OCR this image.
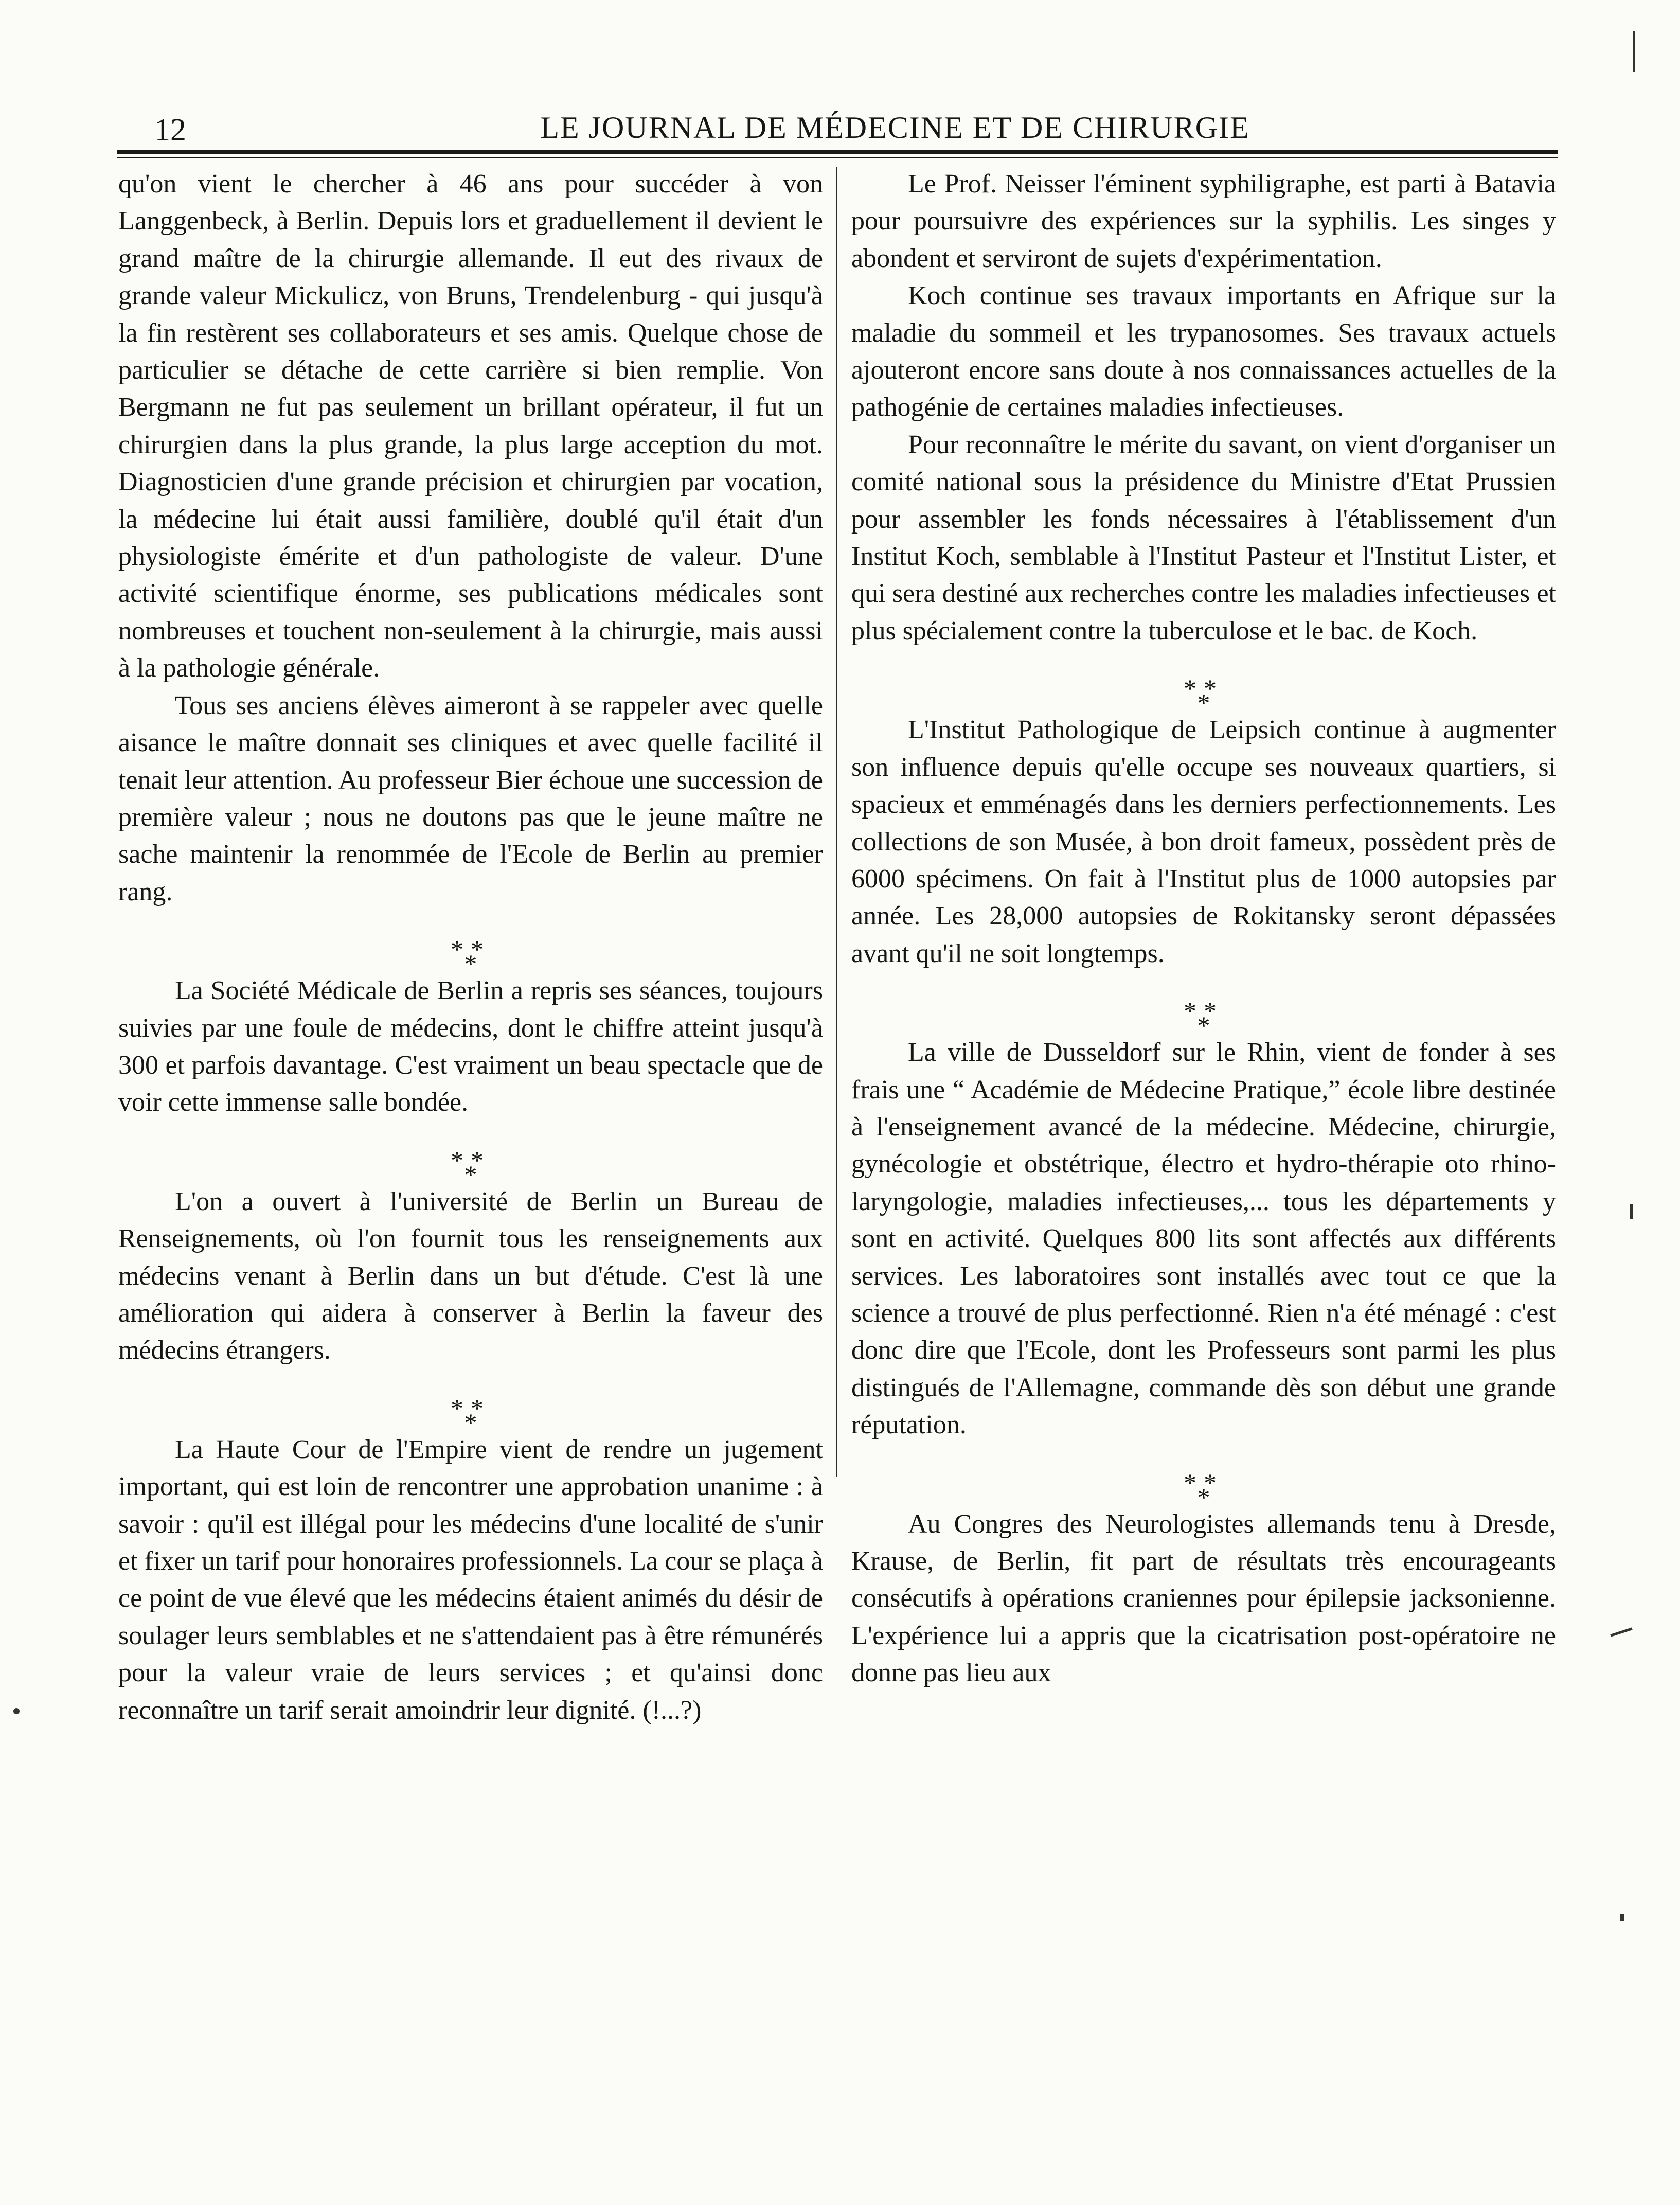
12	LE JOURNAL DE MÉDECINE ET DE CHIRURGIE

qu'on vient le chercher à 46 ans pour succéder à von Langgenbeck, à Berlin. Depuis lors et graduellement il devient le grand maître de la chirurgie allemande. Il eut des rivaux de grande valeur Mickulicz, von Bruns, Trendelenburg - qui jusqu'à la fin restèrent ses collaborateurs et ses amis. Quelque chose de particulier se détache de cette carrière si bien remplie. Von Bergmann ne fut pas seulement un brillant opérateur, il fut un chirurgien dans la plus grande, la plus large acception du mot. Diagnosticien d'une grande précision et chirurgien par vocation, la médecine lui était aussi familière, doublé qu'il était d'un physiologiste émérite et d'un pathologiste de valeur. D'une activité scientifique énorme, ses publications médicales sont nombreuses et touchent non-seulement à la chirurgie, mais aussi à la pathologie générale.

Tous ses anciens élèves aimeront à se rappeler avec quelle aisance le maître donnait ses cliniques et avec quelle facilité il tenait leur attention. Au professeur Bier échoue une succession de première valeur ; nous ne doutons pas que le jeune maître ne sache maintenir la renommée de l'Ecole de Berlin au premier rang.

**
*

La Société Médicale de Berlin a repris ses séances, toujours suivies par une foule de médecins, dont le chiffre atteint jusqu'à 300 et parfois davantage. C'est vraiment un beau spectacle que de voir cette immense salle bondée.

**
*

L'on a ouvert à l'université de Berlin un Bureau de Renseignements, où l'on fournit tous les renseignements aux médecins venant à Berlin dans un but d'étude. C'est là une amélioration qui aidera à conserver à Berlin la faveur des médecins étrangers.

**
*

La Haute Cour de l'Empire vient de rendre un jugement important, qui est loin de rencontrer une approbation unanime : à savoir : qu'il est illégal pour les médecins d'une localité de s'unir et fixer un tarif pour honoraires professionnels. La cour se plaça à ce point de vue élevé que les médecins étaient animés du désir de soulager leurs semblables et ne s'attendaient pas à être rémunérés pour la valeur vraie de leurs services ; et qu'ainsi donc reconnaître un tarif serait amoindrir leur dignité. (!...?)

Le Prof. Neisser l'éminent syphiligraphe, est parti à Batavia pour poursuivre des expériences sur la syphilis. Les singes y abondent et serviront de sujets d'expérimentation.

Koch continue ses travaux importants en Afrique sur la maladie du sommeil et les trypanosomes. Ses travaux actuels ajouteront encore sans doute à nos connaissances actuelles de la pathogénie de certaines maladies infectieuses.

Pour reconnaître le mérite du savant, on vient d'organiser un comité national sous la présidence du Ministre d'Etat Prussien pour assembler les fonds nécessaires à l'établissement d'un Institut Koch, semblable à l'Institut Pasteur et l'Institut Lister, et qui sera destiné aux recherches contre les maladies infectieuses et plus spécialement contre la tuberculose et le bac. de Koch.

**
*

L'Institut Pathologique de Leipsich continue à augmenter son influence depuis qu'elle occupe ses nouveaux quartiers, si spacieux et emménagés dans les derniers perfectionnements. Les collections de son Musée, à bon droit fameux, possèdent près de 6000 spécimens. On fait à l'Institut plus de 1000 autopsies par année. Les 28,000 autopsies de Rokitansky seront dépassées avant qu'il ne soit longtemps.

**
*

La ville de Dusseldorf sur le Rhin, vient de fonder à ses frais une “ Académie de Médecine Pratique,” école libre destinée à l'enseignement avancé de la médecine. Médecine, chirurgie, gynécologie et obstétrique, électro et hydro-thérapie oto rhino-laryngologie, maladies infectieuses,... tous les départements y sont en activité. Quelques 800 lits sont affectés aux différents services. Les laboratoires sont installés avec tout ce que la science a trouvé de plus perfectionné. Rien n'a été ménagé : c'est donc dire que l'Ecole, dont les Professeurs sont parmi les plus distingués de l'Allemagne, commande dès son début une grande réputation.

**
*

Au Congres des Neurologistes allemands tenu à Dresde, Krause, de Berlin, fit part de résultats très encourageants consécutifs à opérations craniennes pour épilepsie jacksonienne. L'expérience lui a appris que la cicatrisation post-opératoire ne donne pas lieu aux
